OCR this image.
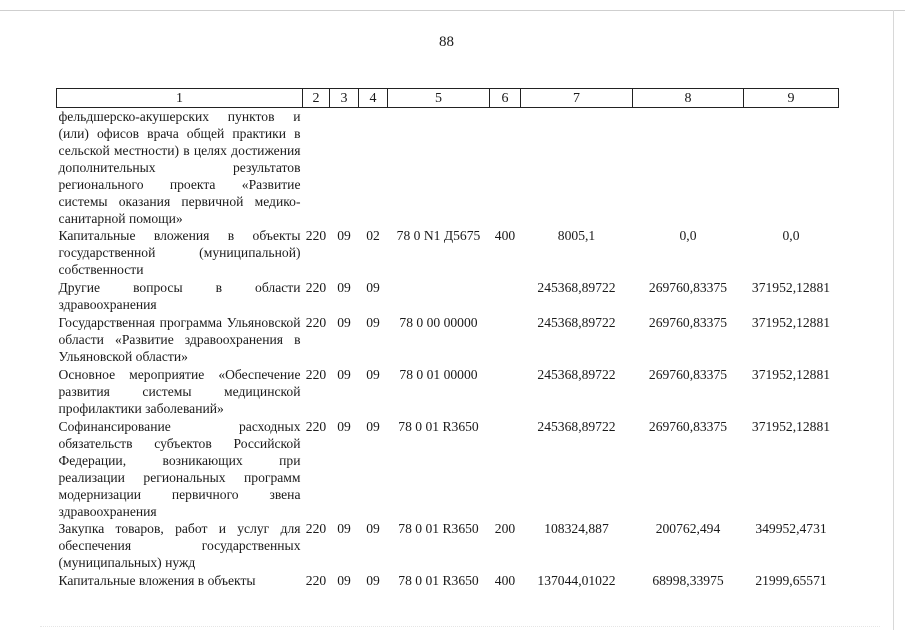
88
1	2	3	4	5	6	7	8	9
фельдшерско-акушерских пунктов и (или) офисов врача общей практики в сельской местности) в целях достижения дополнительных результатов регионального проекта «Развитие системы оказания первичной медико-санитарной помощи»								
Капитальные вложения в объекты государственной (муниципальной) собственности	220	09	02	78 0 N1 Д5675	400	8005,1	0,0	0,0
Другие вопросы в области здравоохранения	220	09	09			245368,89722	269760,83375	371952,12881
Государственная программа Ульяновской области «Развитие здравоохранения в Ульяновской области»	220	09	09	78 0 00 00000		245368,89722	269760,83375	371952,12881
Основное мероприятие «Обеспечение развития системы медицинской профилактики заболеваний»	220	09	09	78 0 01 00000		245368,89722	269760,83375	371952,12881
Софинансирование расходных обязательств субъектов Российской Федерации, возникающих при реализации региональных программ модернизации первичного звена здравоохранения	220	09	09	78 0 01 R3650		245368,89722	269760,83375	371952,12881
Закупка товаров, работ и услуг для обеспечения государственных (муниципальных) нужд	220	09	09	78 0 01 R3650	200	108324,887	200762,494	349952,4731
Капитальные вложения в объекты	220	09	09	78 0 01 R3650	400	137044,01022	68998,33975	21999,65571
